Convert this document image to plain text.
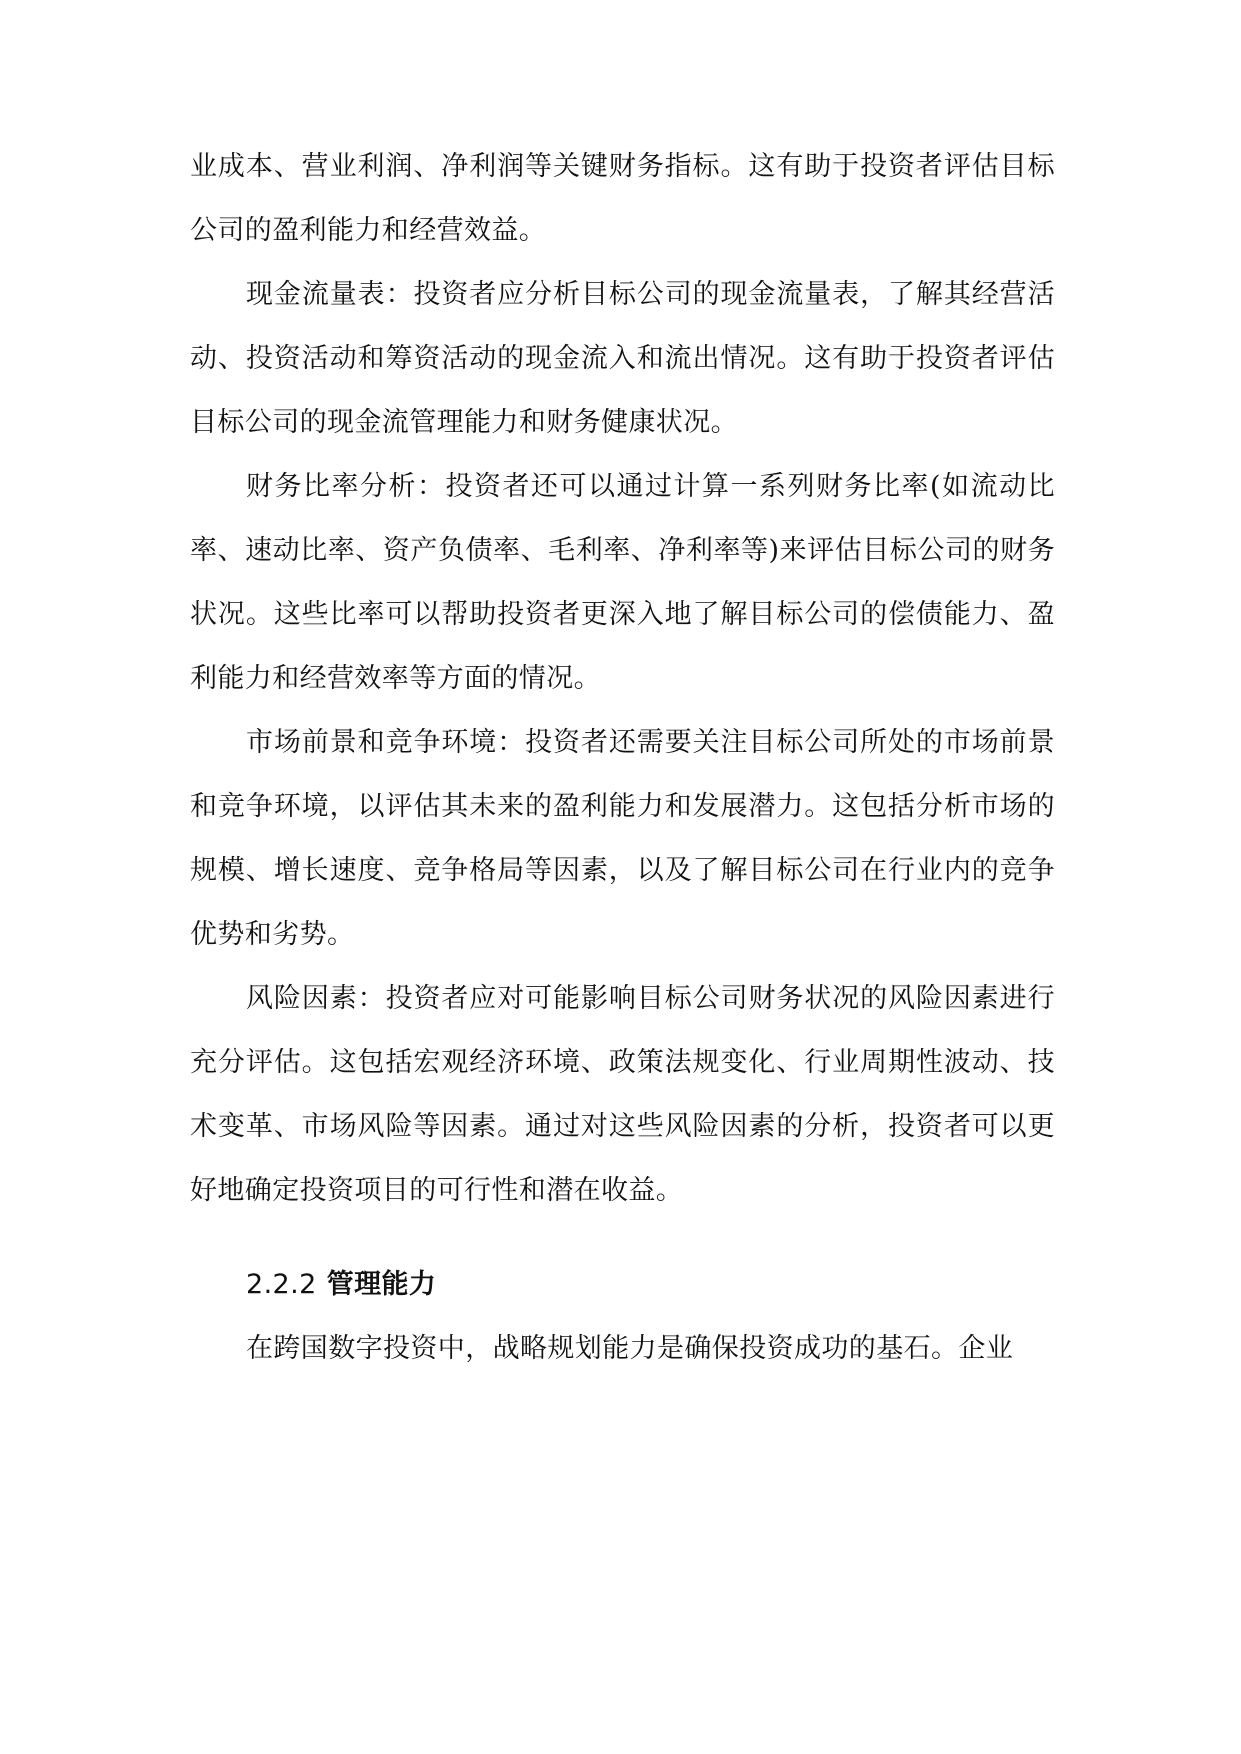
业成本、营业利润、净利润等关键财务指标。这有助于投资者评估目标公司的盈利能力和经营效益。

现金流量表：投资者应分析目标公司的现金流量表，了解其经营活动、投资活动和筹资活动的现金流入和流出情况。这有助于投资者评估目标公司的现金流管理能力和财务健康状况。

财务比率分析：投资者还可以通过计算一系列财务比率(如流动比率、速动比率、资产负债率、毛利率、净利率等)来评估目标公司的财务状况。这些比率可以帮助投资者更深入地了解目标公司的偿债能力、盈利能力和经营效率等方面的情况。

市场前景和竞争环境：投资者还需要关注目标公司所处的市场前景和竞争环境，以评估其未来的盈利能力和发展潜力。这包括分析市场的规模、增长速度、竞争格局等因素，以及了解目标公司在行业内的竞争优势和劣势。

风险因素：投资者应对可能影响目标公司财务状况的风险因素进行充分评估。这包括宏观经济环境、政策法规变化、行业周期性波动、技术变革、市场风险等因素。通过对这些风险因素的分析，投资者可以更好地确定投资项目的可行性和潜在收益。

2.2.2 管理能力

在跨国数字投资中，战略规划能力是确保投资成功的基石。企业
